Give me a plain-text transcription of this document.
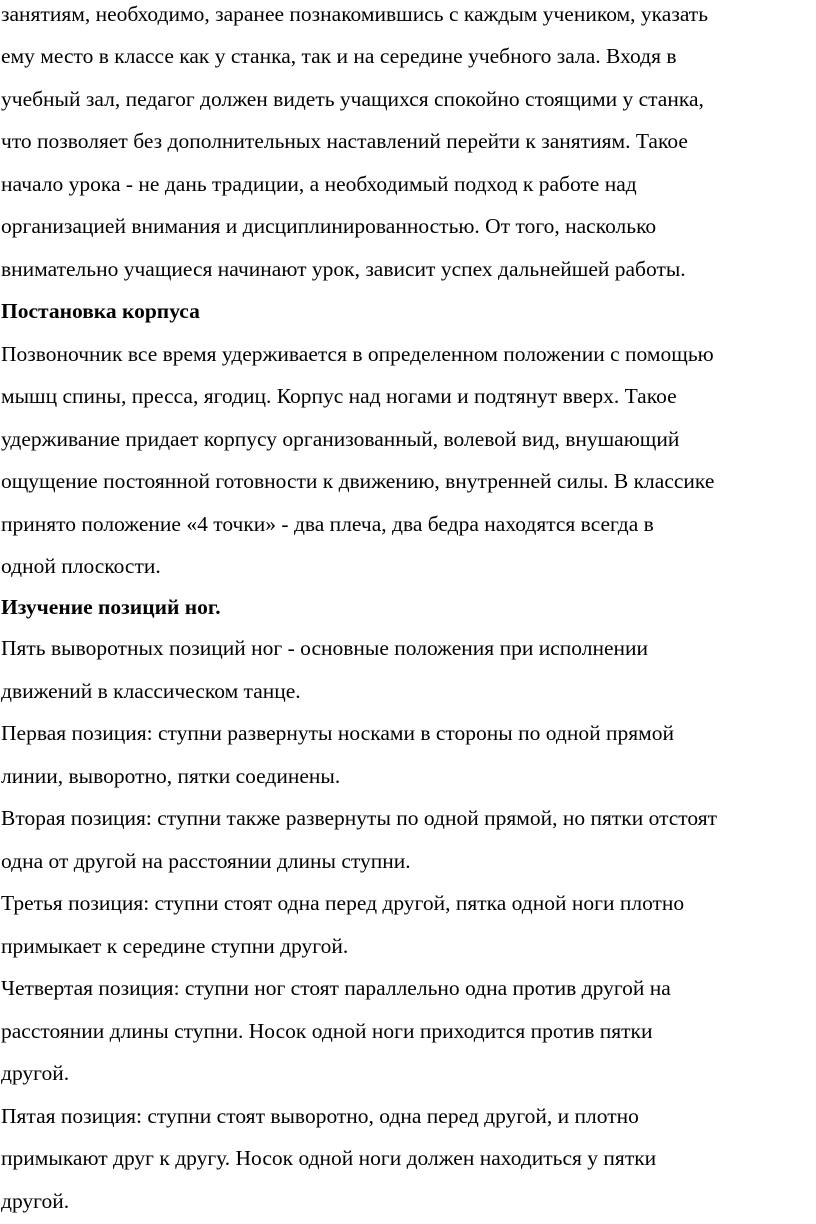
занятиям, необходимо, заранее познакомившись с каждым учеником, указать
ему место в классе как у станка, так и на середине учебного зала. Входя в
учебный зал, педагог должен видеть учащихся спокойно стоящими у станка,
что позволяет без дополнительных наставлений перейти к занятиям. Такое
начало урока - не дань традиции, а необходимый подход к работе над
организацией внимания и дисциплинированностью. От того, насколько
внимательно учащиеся начинают урок, зависит успех дальнейшей работы.
Постановка корпуса
Позвоночник все время удерживается в определенном положении с помощью
мышц спины, пресса, ягодиц. Корпус над ногами и подтянут вверх. Такое
удерживание придает корпусу организованный, волевой вид, внушающий
ощущение постоянной готовности к движению, внутренней силы. В классике
принято положение «4 точки» - два плеча, два бедра находятся всегда в
одной плоскости.
Изучение позиций ног.
Пять выворотных позиций ног - основные положения при исполнении
движений в классическом танце.
Первая позиция: ступни развернуты носками в стороны по одной прямой
линии, выворотно, пятки соединены.
Вторая позиция: ступни также развернуты по одной прямой, но пятки отстоят
одна от другой на расстоянии длины ступни.
Третья позиция: ступни стоят одна перед другой, пятка одной ноги плотно
примыкает к середине ступни другой.
Четвертая позиция: ступни ног стоят параллельно одна против другой на
расстоянии длины ступни. Носок одной ноги приходится против пятки
другой.
Пятая позиция: ступни стоят выворотно, одна перед другой, и плотно
примыкают друг к другу. Носок одной ноги должен находиться у пятки
другой.
